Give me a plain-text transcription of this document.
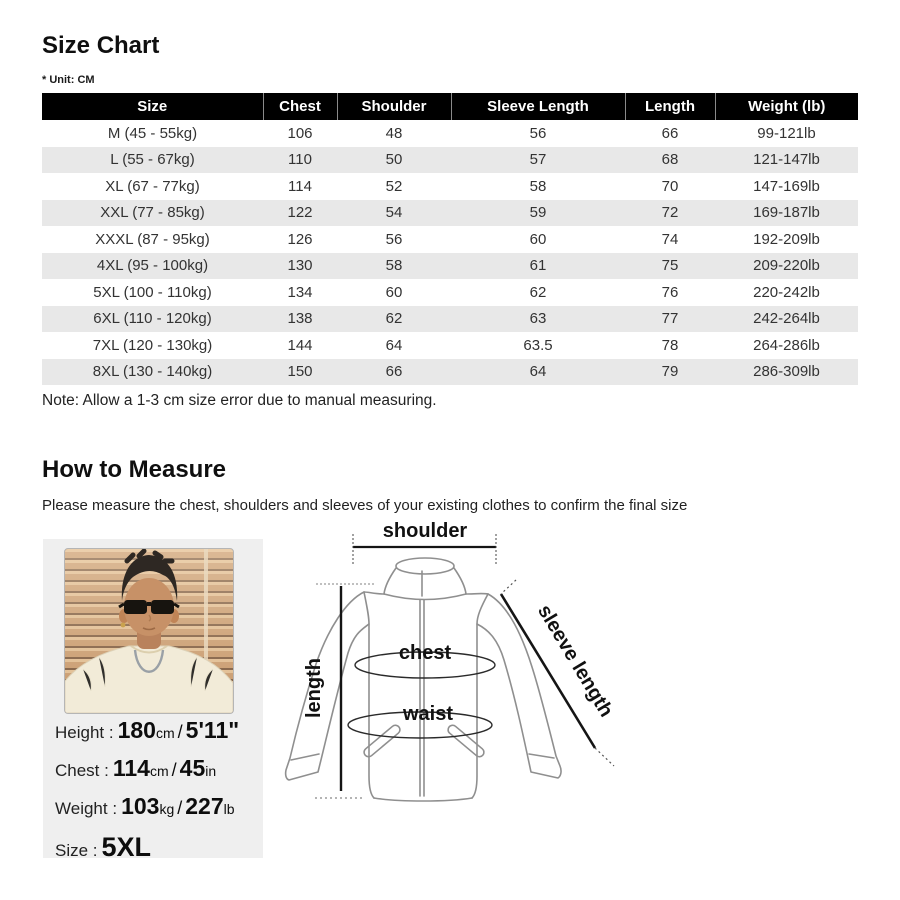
Size Chart
* Unit: CM
Size	Chest	Shoulder	Sleeve Length	Length	Weight (lb)
M (45 - 55kg)	106	48	56	66	99-121lb
L (55 - 67kg)	110	50	57	68	121-147lb
XL (67 - 77kg)	114	52	58	70	147-169lb
XXL (77 - 85kg)	122	54	59	72	169-187lb
XXXL (87 - 95kg)	126	56	60	74	192-209lb
4XL (95 - 100kg)	130	58	61	75	209-220lb
5XL (100 - 110kg)	134	60	62	76	220-242lb
6XL (110 - 120kg)	138	62	63	77	242-264lb
7XL (120 - 130kg)	144	64	63.5	78	264-286lb
8XL (130 - 140kg)	150	66	64	79	286-309lb

Note: Allow a 1-3 cm size error due to manual measuring.

How to Measure

Please measure the chest, shoulders and sleeves of your existing clothes to confirm the final size

Height : 180cm / 5'11"
Chest : 114cm / 45in
Weight : 103kg / 227lb
Size : 5XL
shoulder
chest
waist
length	sleeve length
